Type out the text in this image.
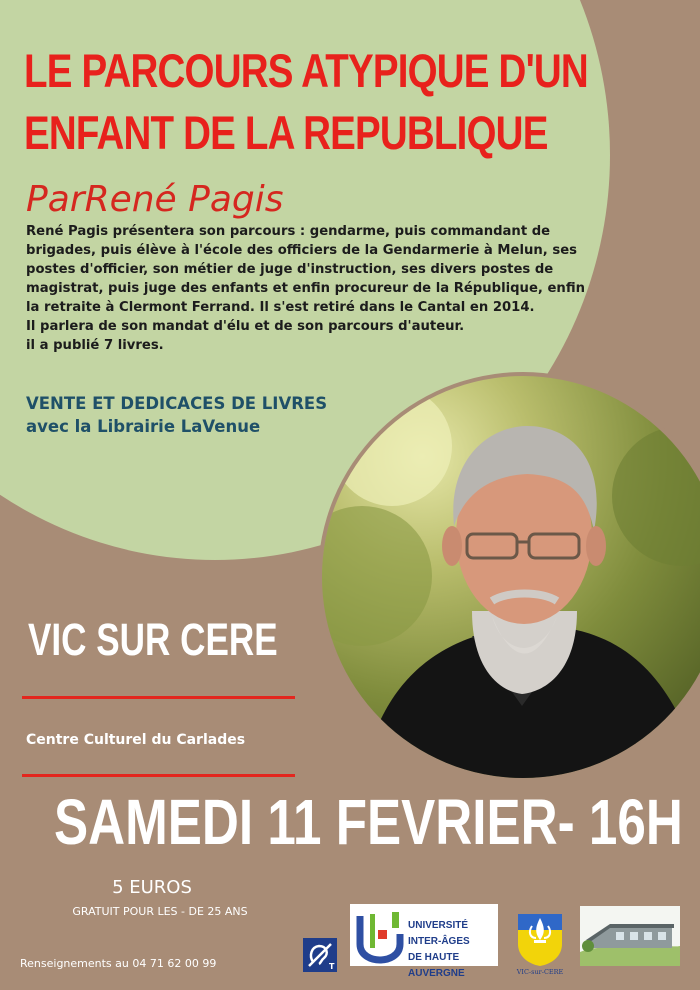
LE PARCOURS ATYPIQUE D'UN
ENFANT DE LA REPUBLIQUE

ParRené Pagis

René Pagis présentera son parcours : gendarme, puis commandant de
brigades, puis élève à l'école des officiers de la Gendarmerie à Melun, ses
postes d'officier, son métier de juge d'instruction, ses divers postes de
magistrat, puis juge des enfants et enfin procureur de la République, enfin
la retraite à Clermont Ferrand. Il s'est retiré dans le Cantal en 2014.
Il parlera de son mandat d'élu et de son parcours d'auteur.
il a publié 7 livres.

VENTE ET DEDICACES DE LIVRES
avec la Librairie LaVenue

VIC SUR CERE

Centre Culturel du Carlades

SAMEDI 11 FEVRIER- 16H

5 EUROS

GRATUIT POUR LES - DE 25 ANS

Renseignements au 04 71 62 00 99	T

UNIVERSITÉ INTER-ÂGES
DE HAUTE AUVERGNE	VIC-sur-CERE
